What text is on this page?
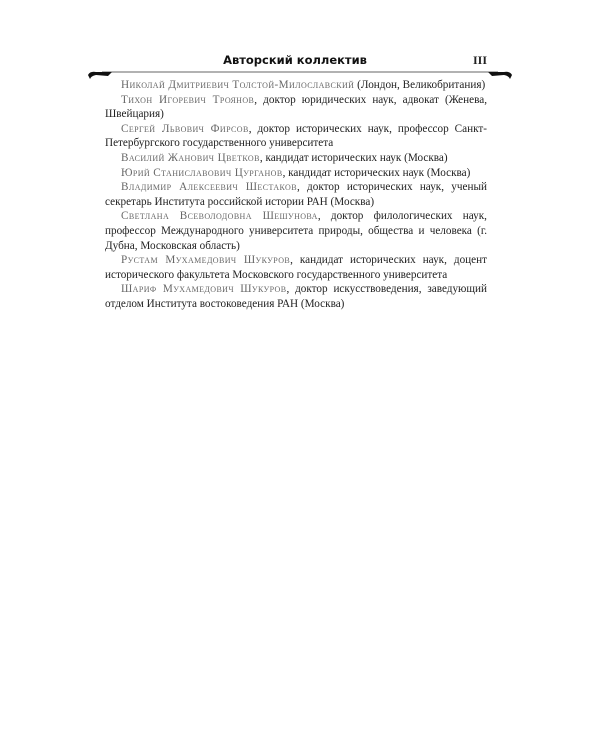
Авторский коллектив	III

Николай Дмитриевич Толстой-Милославский (Лондон, Великобритания)

Тихон Игоревич Троянов, доктор юридических наук, адвокат (Женева, Швейцария)

Сергей Львович Фирсов, доктор исторических наук, профессор Санкт-Петербургского государственного университета

Василий Жанович Цветков, кандидат исторических наук (Москва)

Юрий Станиславович Цурганов, кандидат исторических наук (Москва)

Владимир Алексеевич Шестаков, доктор исторических наук, ученый секретарь Института российской истории РАН (Москва)

Светлана Всеволодовна Шешунова, доктор филологических наук, профессор Международного университета природы, общества и человека (г. Дубна, Московская область)

Рустам Мухамедович Шукуров, кандидат исторических наук, доцент исторического факультета Московского государственного университета

Шариф Мухамедович Шукуров, доктор искусствоведения, заведующий отделом Института востоковедения РАН (Москва)
